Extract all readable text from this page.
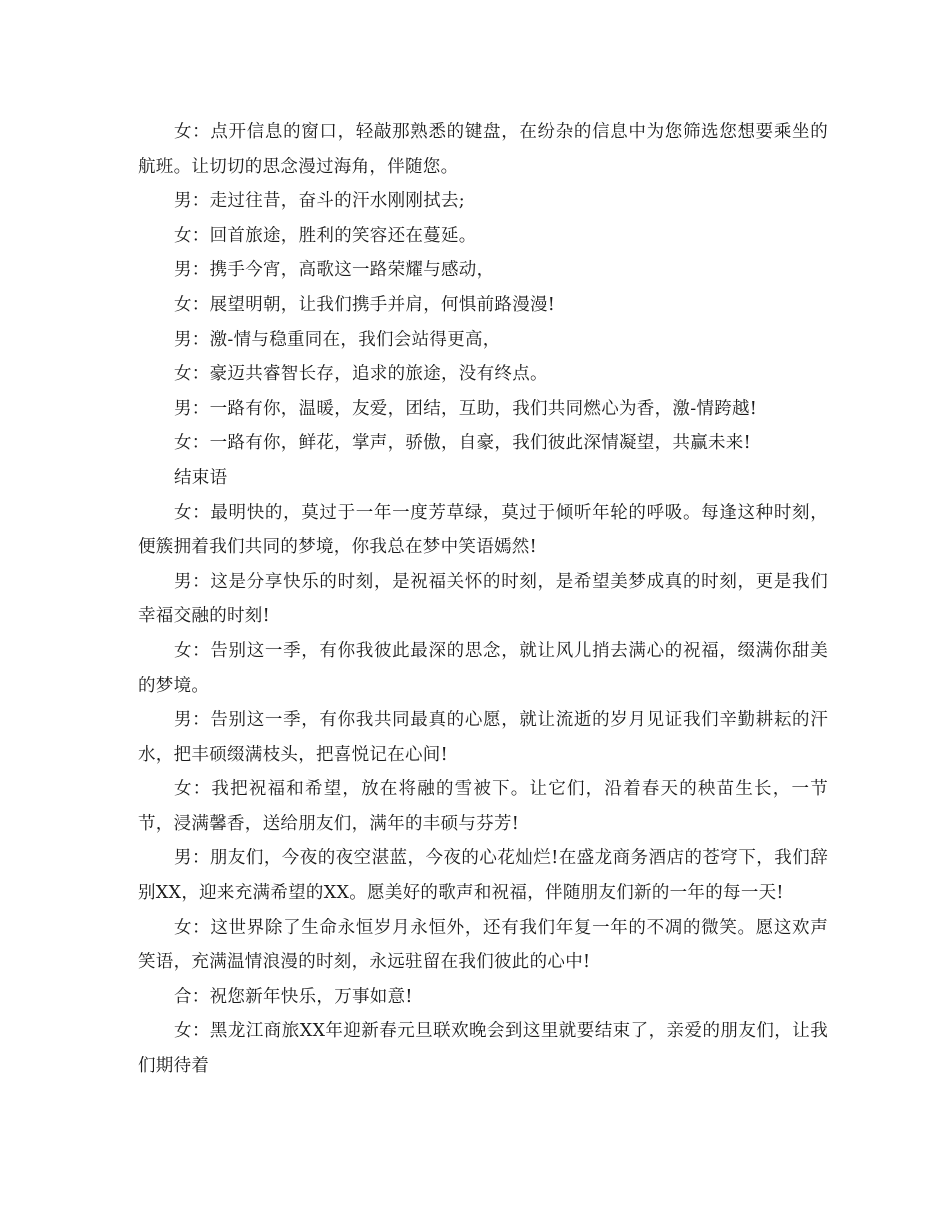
女：点开信息的窗口，轻敲那熟悉的键盘，在纷杂的信息中为您筛选您想要乘坐的航班。让切切的思念漫过海角，伴随您。

男：走过往昔，奋斗的汗水刚刚拭去;

女：回首旅途，胜利的笑容还在蔓延。

男：携手今宵，高歌这一路荣耀与感动，

女：展望明朝，让我们携手并肩，何惧前路漫漫!

男：激-情与稳重同在，我们会站得更高，

女：豪迈共睿智长存，追求的旅途，没有终点。

男：一路有你，温暖，友爱，团结，互助，我们共同燃心为香，激-情跨越!

女：一路有你，鲜花，掌声，骄傲，自豪，我们彼此深情凝望，共赢未来!

结束语

女：最明快的，莫过于一年一度芳草绿，莫过于倾听年轮的呼吸。每逢这种时刻，便簇拥着我们共同的梦境，你我总在梦中笑语嫣然!

男：这是分享快乐的时刻，是祝福关怀的时刻，是希望美梦成真的时刻，更是我们幸福交融的时刻!

女：告别这一季，有你我彼此最深的思念，就让风儿捎去满心的祝福，缀满你甜美的梦境。

男：告别这一季，有你我共同最真的心愿，就让流逝的岁月见证我们辛勤耕耘的汗水，把丰硕缀满枝头，把喜悦记在心间!

女：我把祝福和希望，放在将融的雪被下。让它们，沿着春天的秧苗生长，一节节，浸满馨香，送给朋友们，满年的丰硕与芬芳!

男：朋友们，今夜的夜空湛蓝，今夜的心花灿烂!在盛龙商务酒店的苍穹下，我们辞别XX，迎来充满希望的XX。愿美好的歌声和祝福，伴随朋友们新的一年的每一天!

女：这世界除了生命永恒岁月永恒外，还有我们年复一年的不凋的微笑。愿这欢声笑语，充满温情浪漫的时刻，永远驻留在我们彼此的心中!

合：祝您新年快乐，万事如意!

女：黑龙江商旅XX年迎新春元旦联欢晚会到这里就要结束了，亲爱的朋友们，让我们期待着
